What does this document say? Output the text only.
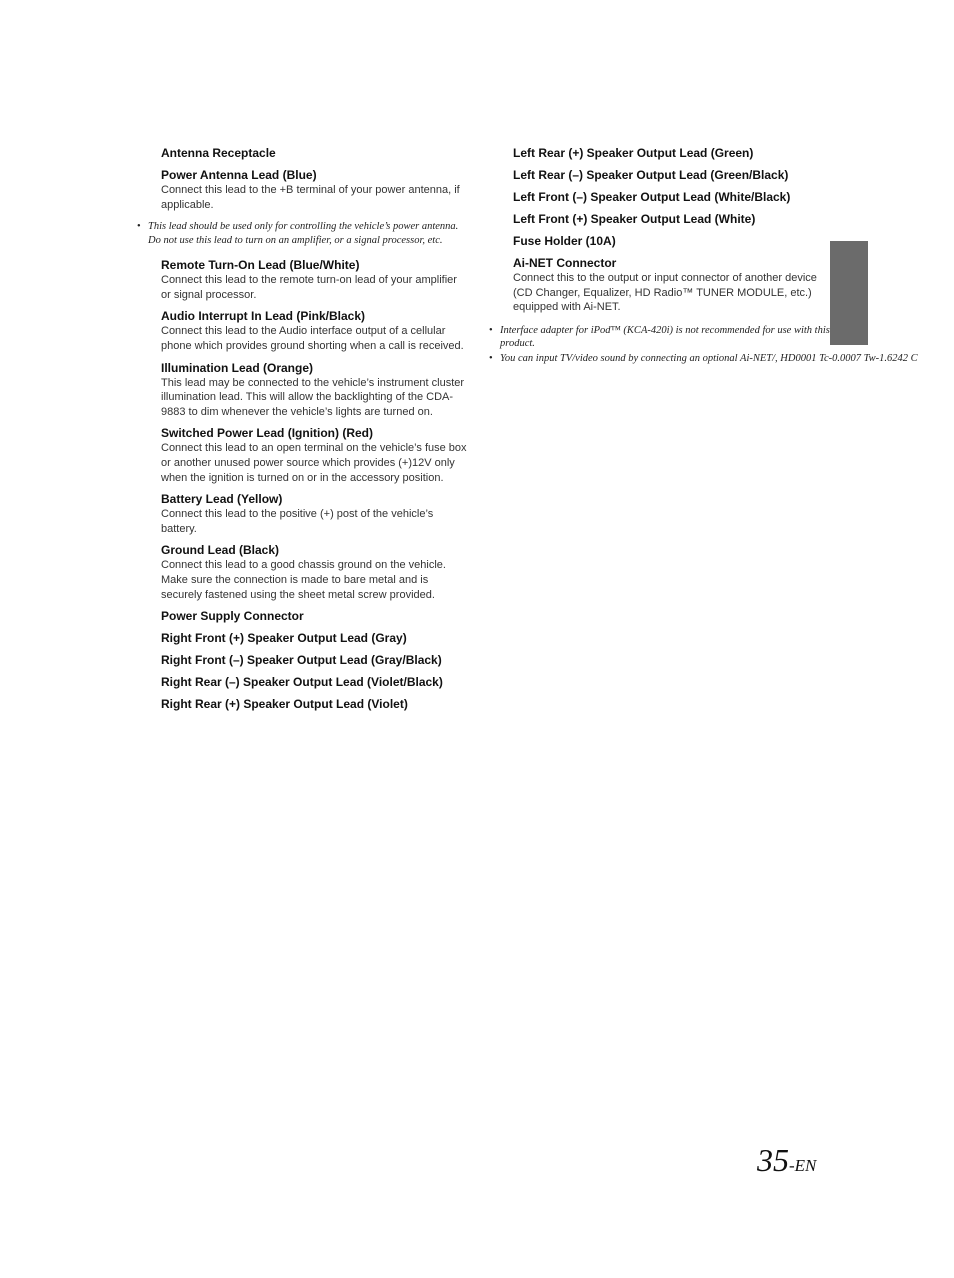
Antenna Receptacle
Power Antenna Lead (Blue)
Connect this lead to the +B terminal of your power antenna, if applicable.
• This lead should be used only for controlling the vehicle’s power antenna. Do not use this lead to turn on an amplifier, or a signal processor, etc.
Remote Turn-On Lead (Blue/White)
Connect this lead to the remote turn-on lead of your amplifier or signal processor.
Audio Interrupt In Lead (Pink/Black)
Connect this lead to the Audio interface output of a cellular phone which provides ground shorting when a call is received.
Illumination Lead (Orange)
This lead may be connected to the vehicle’s instrument cluster illumination lead. This will allow the backlighting of the CDA-9883 to dim whenever the vehicle’s lights are turned on.
Switched Power Lead (Ignition) (Red)
Connect this lead to an open terminal on the vehicle’s fuse box or another unused power source which provides (+)12V only when the ignition is turned on or in the accessory position.
Battery Lead (Yellow)
Connect this lead to the positive (+) post of the vehicle’s battery.
Ground Lead (Black)
Connect this lead to a good chassis ground on the vehicle. Make sure the connection is made to bare metal and is securely fastened using the sheet metal screw provided.
Power Supply Connector
Right Front (+) Speaker Output Lead (Gray)
Right Front (–) Speaker Output Lead (Gray/Black)
Right Rear (–) Speaker Output Lead (Violet/Black)
Right Rear (+) Speaker Output Lead (Violet)
Left Rear (+) Speaker Output Lead (Green)
Left Rear (–) Speaker Output Lead (Green/Black)
Left Front (–) Speaker Output Lead (White/Black)
Left Front (+) Speaker Output Lead (White)
Fuse Holder (10A)
Ai-NET Connector
Connect this to the output or input connector of another device (CD Changer, Equalizer, HD Radio™ TUNER MODULE, etc.) equipped with Ai-NET.
• Interface adapter for iPod™ (KCA-420i) is not recommended for use with this product.
• You can input TV/video sound by connecting an optional Ai-NET/, HD0001 Tc-0.0007 Tw-1.6242 C
35-EN
